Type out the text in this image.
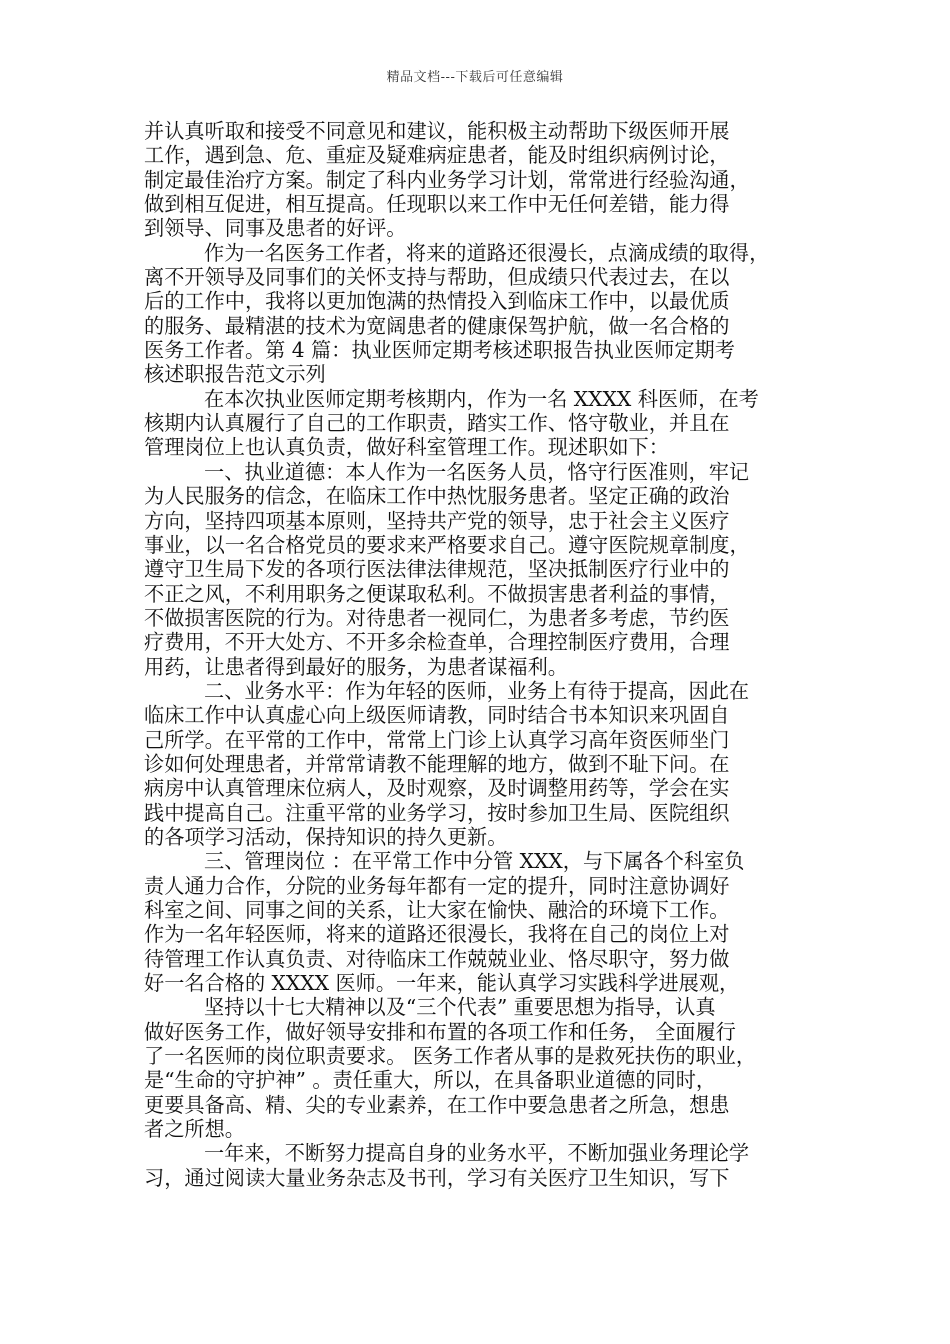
精品文档---下载后可任意编辑
并认真听取和接受不同意见和建议，能积极主动帮助下级医师开展
工作，遇到急、危、重症及疑难病症患者，能及时组织病例讨论，
制定最佳治疗方案。制定了科内业务学习计划，常常进行经验沟通，
做到相互促进，相互提高。任现职以来工作中无任何差错，能力得
到领导、同事及患者的好评。
作为一名医务工作者，将来的道路还很漫长，点滴成绩的取得，
离不开领导及同事们的关怀支持与帮助，但成绩只代表过去，在以
后的工作中，我将以更加饱满的热情投入到临床工作中，以最优质
的服务、最精湛的技术为宽阔患者的健康保驾护航，做一名合格的
医务工作者。第 4 篇：执业医师定期考核述职报告执业医师定期考
核述职报告范文示列
在本次执业医师定期考核期内，作为一名 XXXX 科医师，在考
核期内认真履行了自己的工作职责，踏实工作、恪守敬业，并且在
管理岗位上也认真负责，做好科室管理工作。现述职如下：
一、执业道德：本人作为一名医务人员，恪守行医准则，牢记
为人民服务的信念，在临床工作中热忱服务患者。坚定正确的政治
方向，坚持四项基本原则，坚持共产党的领导，忠于社会主义医疗
事业，以一名合格党员的要求来严格要求自己。遵守医院规章制度，
遵守卫生局下发的各项行医法律法律规范，坚决抵制医疗行业中的
不正之风，不利用职务之便谋取私利。不做损害患者利益的事情，
不做损害医院的行为。对待患者一视同仁，为患者多考虑，节约医
疗费用，不开大处方、不开多余检查单，合理控制医疗费用，合理
用药，让患者得到最好的服务，为患者谋福利。
二、业务水平：作为年轻的医师，业务上有待于提高，因此在
临床工作中认真虚心向上级医师请教，同时结合书本知识来巩固自
己所学。在平常的工作中，常常上门诊上认真学习高年资医师坐门
诊如何处理患者，并常常请教不能理解的地方，做到不耻下问。在
病房中认真管理床位病人，及时观察，及时调整用药等，学会在实
践中提高自己。注重平常的业务学习，按时参加卫生局、医院组织
的各项学习活动，保持知识的持久更新。
三、管理岗位 ：在平常工作中分管 XXX，与下属各个科室负
责人通力合作，分院的业务每年都有一定的提升，同时注意协调好
科室之间、同事之间的关系，让大家在愉快、融洽的环境下工作。
作为一名年轻医师，将来的道路还很漫长，我将在自己的岗位上对
待管理工作认真负责、对待临床工作兢兢业业、恪尽职守，努力做
好一名合格的 XXXX 医师。一年来，能认真学习实践科学进展观，
坚持以十七大精神以及“三个代表” 重要思想为指导，认真
做好医务工作，做好领导安排和布置的各项工作和任务， 全面履行
了一名医师的岗位职责要求。 医务工作者从事的是救死扶伤的职业，
是“生命的守护神” 。责任重大，所以，在具备职业道德的同时，
更要具备高、精、尖的专业素养，在工作中要急患者之所急，想患
者之所想。
一年来，不断努力提高自身的业务水平，不断加强业务理论学
习，通过阅读大量业务杂志及书刊，学习有关医疗卫生知识，写下
